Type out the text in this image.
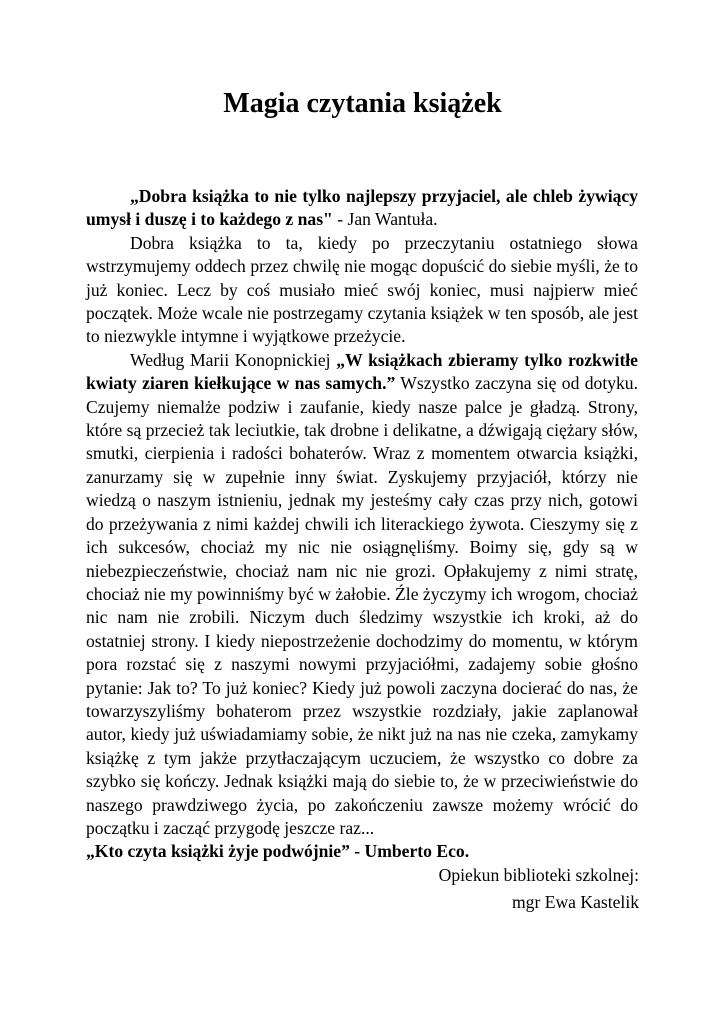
Magia czytania książek

„Dobra książka to nie tylko najlepszy przyjaciel, ale chleb żywiący umysł i duszę i to każdego z nas" - Jan Wantuła.

Dobra książka to ta, kiedy po przeczytaniu ostatniego słowa wstrzymujemy oddech przez chwilę nie mogąc dopuścić do siebie myśli, że to już koniec. Lecz by coś musiało mieć swój koniec, musi najpierw mieć początek. Może wcale nie postrzegamy czytania książek w ten sposób, ale jest to niezwykle intymne i wyjątkowe przeżycie.

Według Marii Konopnickiej „W książkach zbieramy tylko rozkwitłe kwiaty ziaren kiełkujące w nas samych.” Wszystko zaczyna się od dotyku. Czujemy niemalże podziw i zaufanie, kiedy nasze palce je gładzą. Strony, które są przecież tak leciutkie, tak drobne i delikatne, a dźwigają ciężary słów, smutki, cierpienia i radości bohaterów. Wraz z momentem otwarcia książki, zanurzamy się w zupełnie inny świat. Zyskujemy przyjaciół, którzy nie wiedzą o naszym istnieniu, jednak my jesteśmy cały czas przy nich, gotowi do przeżywania z nimi każdej chwili ich literackiego żywota. Cieszymy się z ich sukcesów, chociaż my nic nie osiągnęliśmy. Boimy się, gdy są w niebezpieczeństwie, chociaż nam nic nie grozi. Opłakujemy z nimi stratę, chociaż nie my powinniśmy być w żałobie. Źle życzymy ich wrogom, chociaż nic nam nie zrobili. Niczym duch śledzimy wszystkie ich kroki, aż do ostatniej strony. I kiedy niepostrzeżenie dochodzimy do momentu, w którym pora rozstać się z naszymi nowymi przyjaciółmi, zadajemy sobie głośno pytanie: Jak to? To już koniec? Kiedy już powoli zaczyna docierać do nas, że towarzyszyliśmy bohaterom przez wszystkie rozdziały, jakie zaplanował autor, kiedy już uświadamiamy sobie, że nikt już na nas nie czeka, zamykamy książkę z tym jakże przytłaczającym uczuciem, że wszystko co dobre za szybko się kończy. Jednak książki mają do siebie to, że w przeciwieństwie do naszego prawdziwego życia, po zakończeniu zawsze możemy wrócić do początku i zacząć przygodę jeszcze raz...

„Kto czyta książki żyje podwójnie” - Umberto Eco.

Opiekun biblioteki szkolnej:
mgr Ewa Kastelik
